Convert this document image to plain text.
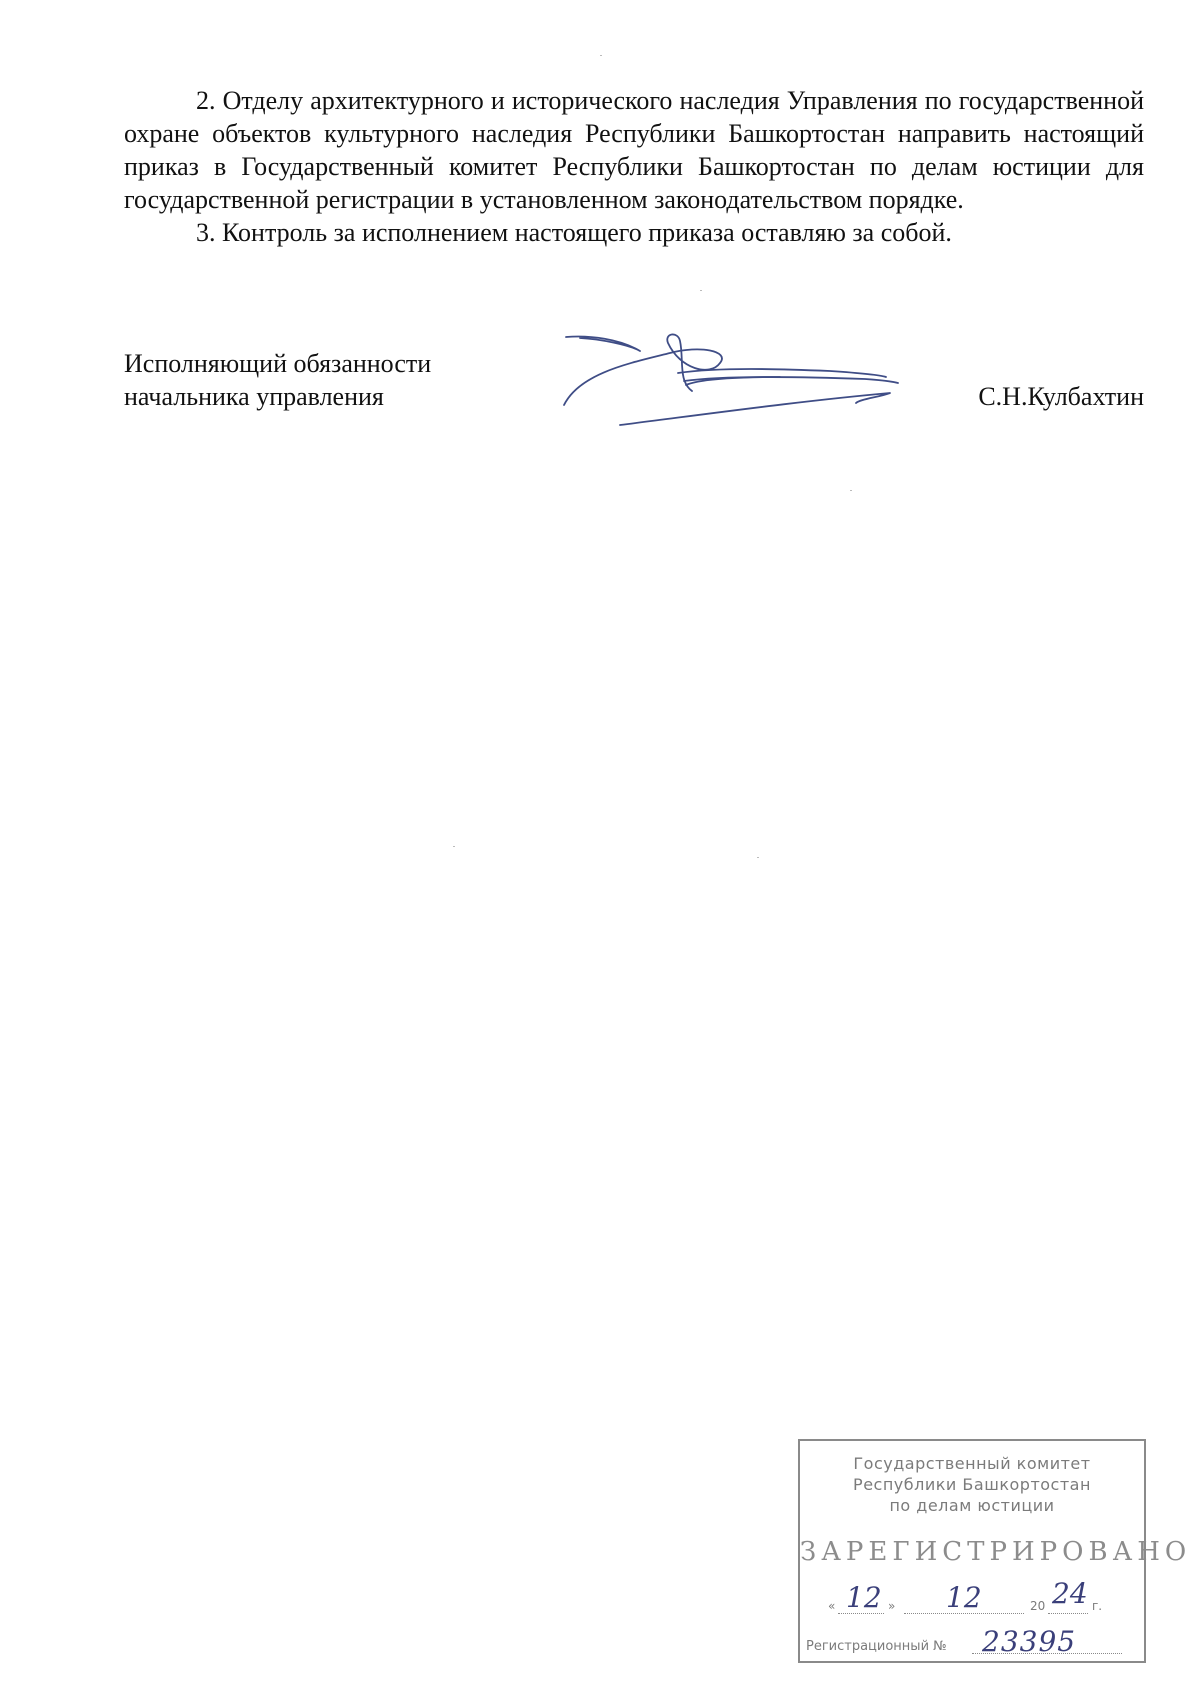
2. Отделу архитектурного и исторического наследия Управления по государственной охране объектов культурного наследия Республики Башкортостан направить настоящий приказ в Государственный комитет Республики Башкортостан по делам юстиции для государственной регистрации в установленном законодательством порядке.

3. Контроль за исполнением настоящего приказа оставляю за собой.

Исполняющий обязанности
начальника управления	С.Н.Кулбахтин
Государственный комитет
Республики Башкортостан
по делам юстиции
ЗАРЕГИСТРИРОВАНО
« 12 » 12	20 24 г.
Регистрационный № 23395
